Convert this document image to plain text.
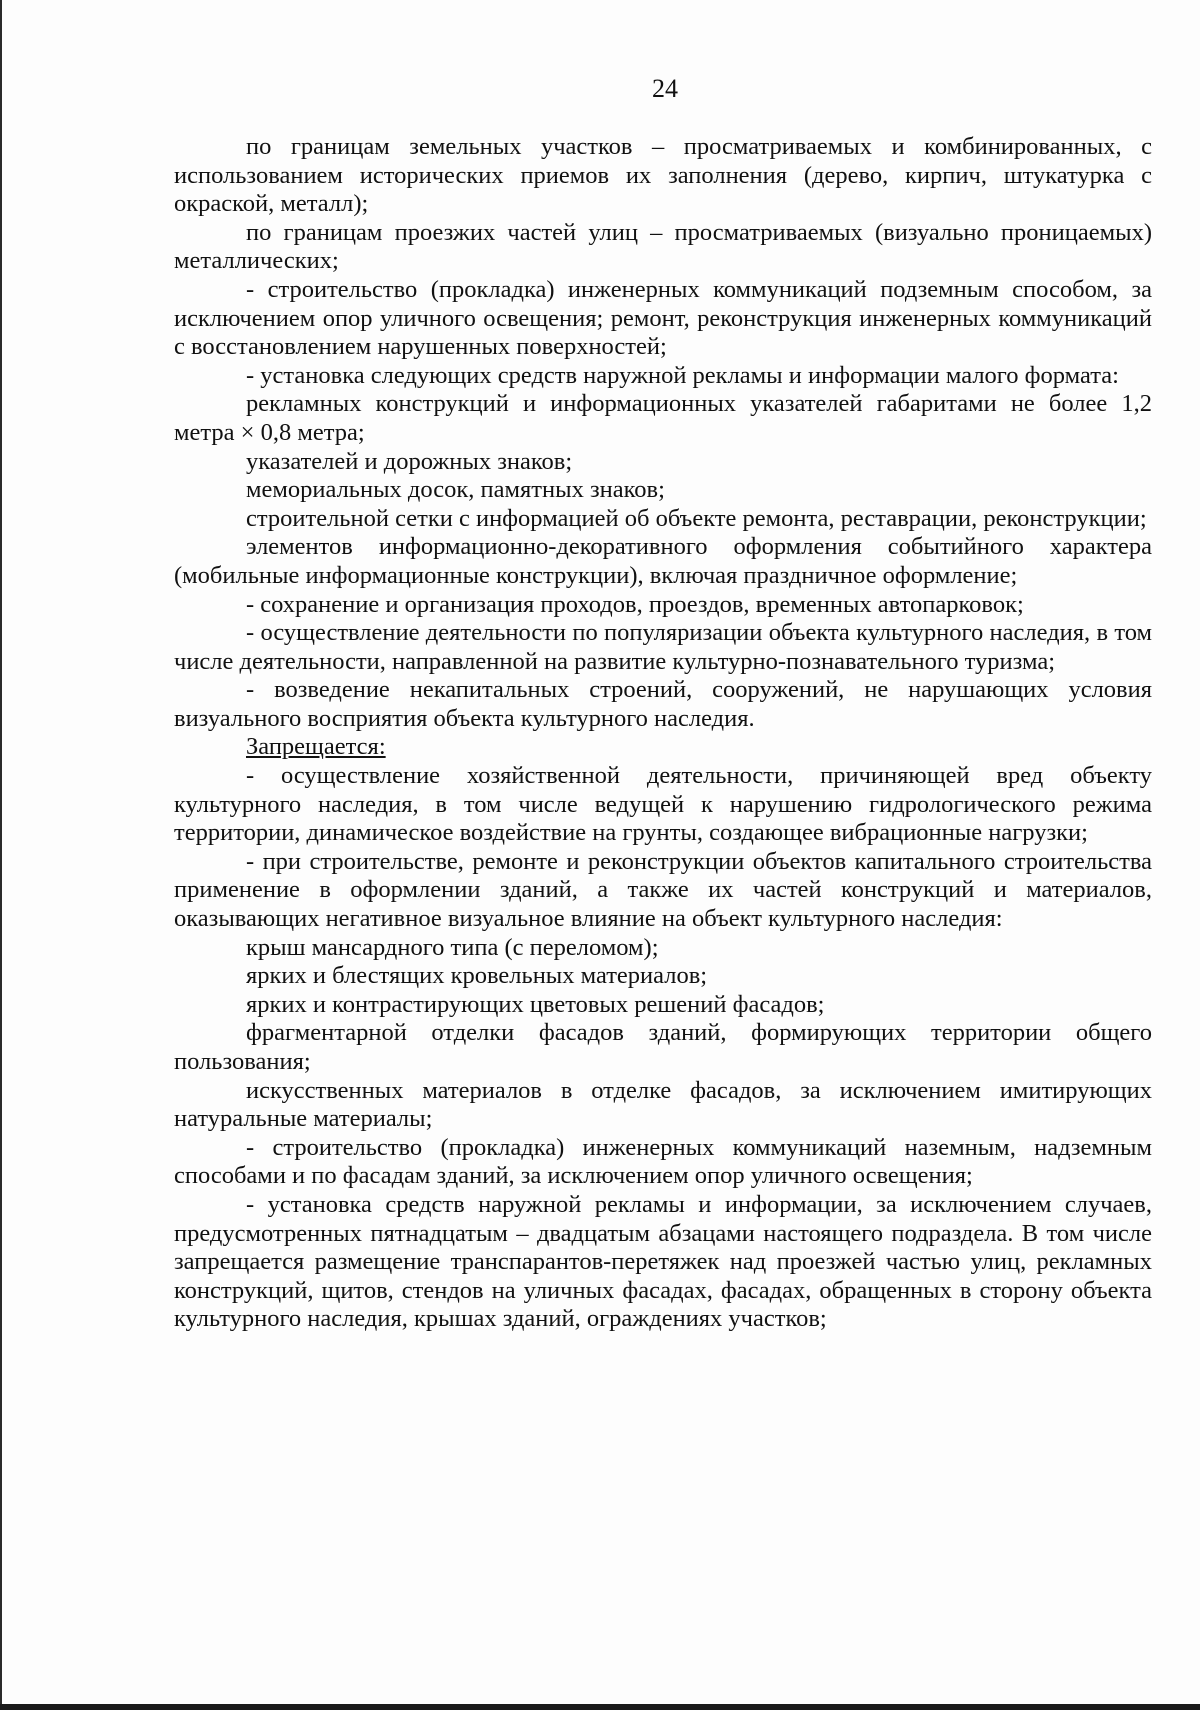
24

по границам земельных участков – просматриваемых и комбинированных, с использованием исторических приемов их заполнения (дерево, кирпич, штукатурка с окраской, металл);

по границам проезжих частей улиц – просматриваемых (визуально проницаемых) металлических;

- строительство (прокладка) инженерных коммуникаций подземным способом, за исключением опор уличного освещения; ремонт, реконструкция инженерных коммуникаций с восстановлением нарушенных поверхностей;

- установка следующих средств наружной рекламы и информации малого формата:

рекламных конструкций и информационных указателей габаритами не более 1,2 метра × 0,8 метра;

указателей и дорожных знаков;

мемориальных досок, памятных знаков;

строительной сетки с информацией об объекте ремонта, реставрации, реконструкции;

элементов информационно-декоративного оформления событийного характера (мобильные информационные конструкции), включая праздничное оформление;

- сохранение и организация проходов, проездов, временных автопарковок;

- осуществление деятельности по популяризации объекта культурного наследия, в том числе деятельности, направленной на развитие культурно-познавательного туризма;

- возведение некапитальных строений, сооружений, не нарушающих условия визуального восприятия объекта культурного наследия.

Запрещается:

- осуществление хозяйственной деятельности, причиняющей вред объекту культурного наследия, в том числе ведущей к нарушению гидрологического режима территории, динамическое воздействие на грунты, создающее вибрационные нагрузки;

- при строительстве, ремонте и реконструкции объектов капитального строительства применение в оформлении зданий, а также их частей конструкций и материалов, оказывающих негативное визуальное влияние на объект культурного наследия:

крыш мансардного типа (с переломом);

ярких и блестящих кровельных материалов;

ярких и контрастирующих цветовых решений фасадов;

фрагментарной отделки фасадов зданий, формирующих территории общего пользования;

искусственных материалов в отделке фасадов, за исключением имитирующих натуральные материалы;

- строительство (прокладка) инженерных коммуникаций наземным, надземным способами и по фасадам зданий, за исключением опор уличного освещения;

- установка средств наружной рекламы и информации, за исключением случаев, предусмотренных пятнадцатым – двадцатым абзацами настоящего подраздела. В том числе запрещается размещение транспарантов-перетяжек над проезжей частью улиц, рекламных конструкций, щитов, стендов на уличных фасадах, фасадах, обращенных в сторону объекта культурного наследия, крышах зданий, ограждениях участков;
